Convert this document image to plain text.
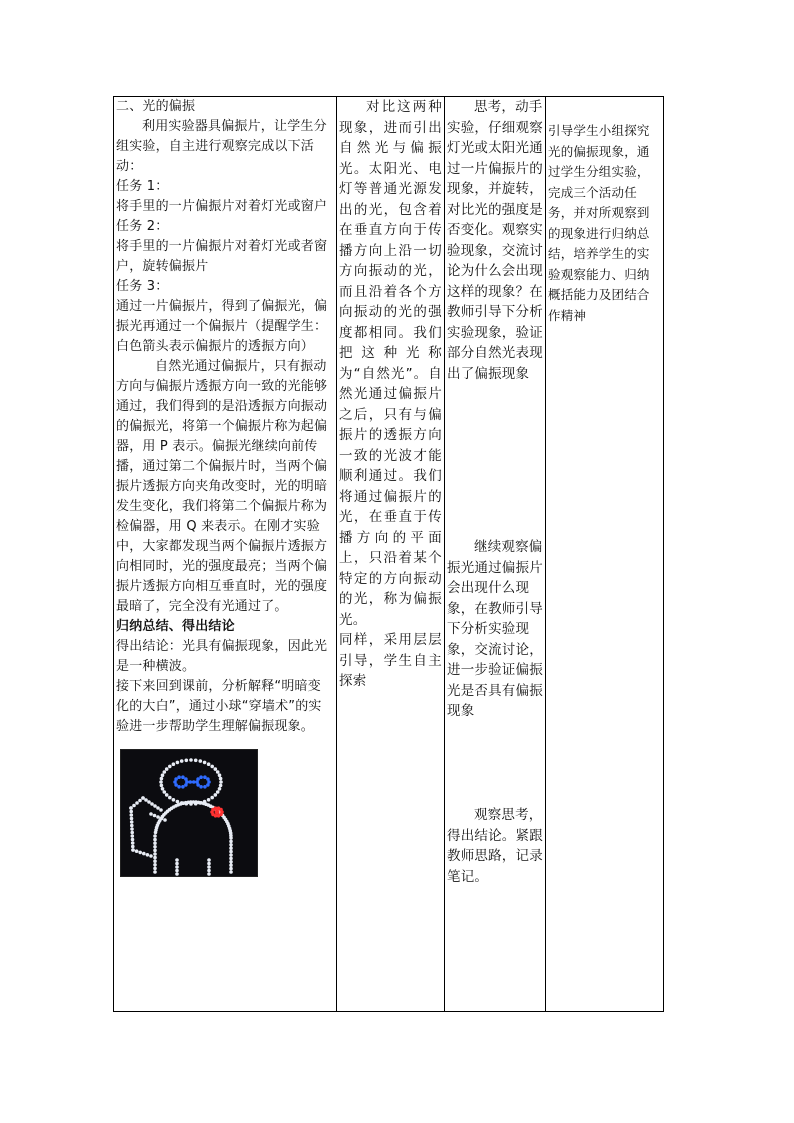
二、光的偏振

利用实验器具偏振片，让学生分组实验，自主进行观察完成以下活动：

任务 1：

将手里的一片偏振片对着灯光或窗户

任务 2：

将手里的一片偏振片对着灯光或者窗户，旋转偏振片

任务 3：

通过一片偏振片，得到了偏振光，偏振光再通过一个偏振片（提醒学生：白色箭头表示偏振片的透振方向）

自然光通过偏振片，只有振动方向与偏振片透振方向一致的光能够通过，我们得到的是沿透振方向振动的偏振光，将第一个偏振片称为起偏器，用 P 表示。偏振光继续向前传播，通过第二个偏振片时，当两个偏振片透振方向夹角改变时，光的明暗发生变化，我们将第二个偏振片称为检偏器，用 Q 来表示。在刚才实验中，大家都发现当两个偏振片透振方向相同时，光的强度最亮；当两个偏振片透振方向相互垂直时，光的强度最暗了，完全没有光通过了。

归纳总结、得出结论

得出结论：光具有偏振现象，因此光是一种横波。

接下来回到课前，分析解释“明暗变化的大白”，通过小球“穿墙术”的实验进一步帮助学生理解偏振现象。

对比这两种现象，进而引出自然光与偏振光。太阳光、电灯等普通光源发出的光，包含着在垂直方向于传播方向上沿一切方向振动的光，而且沿着各个方向振动的光的强度都相同。我们把这种光称为“自然光”。自然光通过偏振片之后，只有与偏振片的透振方向一致的光波才能顺利通过。我们将通过偏振片的光，在垂直于传播方向的平面上，只沿着某个特定的方向振动的光，称为偏振光。

同样，采用层层引导，学生自主探索

思考，动手实验，仔细观察灯光或太阳光通过一片偏振片的现象，并旋转，对比光的强度是否变化。观察实验现象，交流讨论为什么会出现这样的现象？在教师引导下分析实验现象，验证部分自然光表现出了偏振现象

继续观察偏振光通过偏振片会出现什么现象，在教师引导下分析实验现象，交流讨论，进一步验证偏振光是否具有偏振现象

观察思考，得出结论。紧跟教师思路，记录笔记。

引导学生小组探究光的偏振现象，通过学生分组实验，完成三个活动任务，并对所观察到的现象进行归纳总结，培养学生的实验观察能力、归纳概括能力及团结合作精神
